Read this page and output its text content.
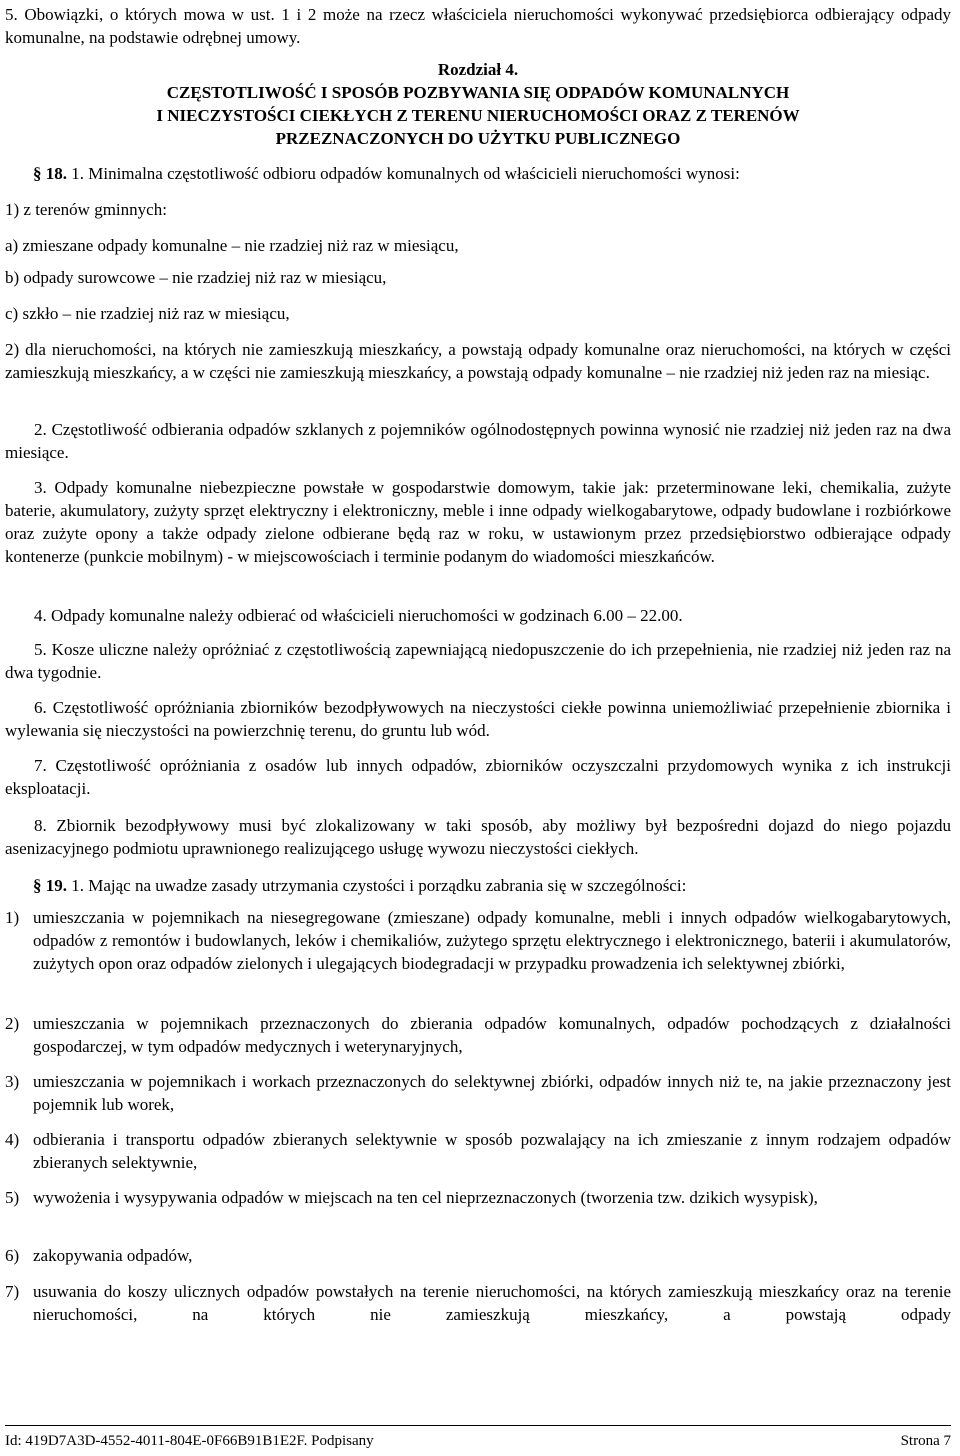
5. Obowiązki, o których mowa w ust. 1 i 2 może na rzecz właściciela nieruchomości wykonywać przedsiębiorca odbierający odpady komunalne, na podstawie odrębnej umowy.

Rozdział 4.

CZĘSTOTLIWOŚĆ I SPOSÓB POZBYWANIA SIĘ ODPADÓW KOMUNALNYCH

I NIECZYSTOŚCI CIEKŁYCH Z TERENU NIERUCHOMOŚCI ORAZ Z TERENÓW

PRZEZNACZONYCH DO UŻYTKU PUBLICZNEGO

§ 18. 1. Minimalna częstotliwość odbioru odpadów komunalnych od właścicieli nieruchomości wynosi:

1) z terenów gminnych:

a) zmieszane odpady komunalne – nie rzadziej niż raz w miesiącu,

b) odpady surowcowe – nie rzadziej niż raz w miesiącu,

c) szkło – nie rzadziej niż raz w miesiącu,

2) dla nieruchomości, na których nie zamieszkują mieszkańcy, a powstają odpady komunalne oraz nieruchomości, na których w części zamieszkują mieszkańcy, a w części nie zamieszkują mieszkańcy, a powstają odpady komunalne – nie rzadziej niż jeden raz na miesiąc.

2. Częstotliwość odbierania odpadów szklanych z pojemników ogólnodostępnych powinna wynosić nie rzadziej niż jeden raz na dwa miesiące.

3. Odpady komunalne niebezpieczne powstałe w gospodarstwie domowym, takie jak: przeterminowane leki, chemikalia, zużyte baterie, akumulatory, zużyty sprzęt elektryczny i elektroniczny, meble i inne odpady wielkogabarytowe, odpady budowlane i rozbiórkowe oraz zużyte opony a także odpady zielone odbierane będą raz w roku, w ustawionym przez przedsiębiorstwo odbierające odpady kontenerze (punkcie mobilnym) - w miejscowościach i terminie podanym do wiadomości mieszkańców.

4. Odpady komunalne należy odbierać od właścicieli nieruchomości w godzinach 6.00 – 22.00.

5. Kosze uliczne należy opróżniać z częstotliwością zapewniającą niedopuszczenie do ich przepełnienia, nie rzadziej niż jeden raz na dwa tygodnie.

6. Częstotliwość opróżniania zbiorników bezodpływowych na nieczystości ciekłe powinna uniemożliwiać przepełnienie zbiornika i wylewania się nieczystości na powierzchnię terenu, do gruntu lub wód.

7. Częstotliwość opróżniania z osadów lub innych odpadów, zbiorników oczyszczalni przydomowych wynika z ich instrukcji eksploatacji.

8. Zbiornik bezodpływowy musi być zlokalizowany w taki sposób, aby możliwy był bezpośredni dojazd do niego pojazdu asenizacyjnego podmiotu uprawnionego realizującego usługę wywozu nieczystości ciekłych.

§ 19. 1. Mając na uwadze zasady utrzymania czystości i porządku zabrania się w szczególności:

1) umieszczania w pojemnikach na niesegregowane (zmieszane) odpady komunalne, mebli i innych odpadów wielkogabarytowych, odpadów z remontów i budowlanych, leków i chemikaliów, zużytego sprzętu elektrycznego i elektronicznego, baterii i akumulatorów, zużytych opon oraz odpadów zielonych i ulegających biodegradacji w przypadku prowadzenia ich selektywnej zbiórki,
2) umieszczania w pojemnikach przeznaczonych do zbierania odpadów komunalnych, odpadów pochodzących z działalności gospodarczej, w tym odpadów medycznych i weterynaryjnych,
3) umieszczania w pojemnikach i workach przeznaczonych do selektywnej zbiórki, odpadów innych niż te, na jakie przeznaczony jest pojemnik lub worek,
4) odbierania i transportu odpadów zbieranych selektywnie w sposób pozwalający na ich zmieszanie z innym rodzajem odpadów zbieranych selektywnie,
5) wywożenia i wysypywania odpadów w miejscach na ten cel nieprzeznaczonych (tworzenia tzw. dzikich wysypisk),
6) zakopywania odpadów,
7) usuwania do koszy ulicznych odpadów powstałych na terenie nieruchomości, na których zamieszkują mieszkańcy oraz na terenie nieruchomości, na których nie zamieszkują mieszkańcy, a powstają odpady
Id: 419D7A3D-4552-4011-804E-0F66B91B1E2F. Podpisany	Strona 7
